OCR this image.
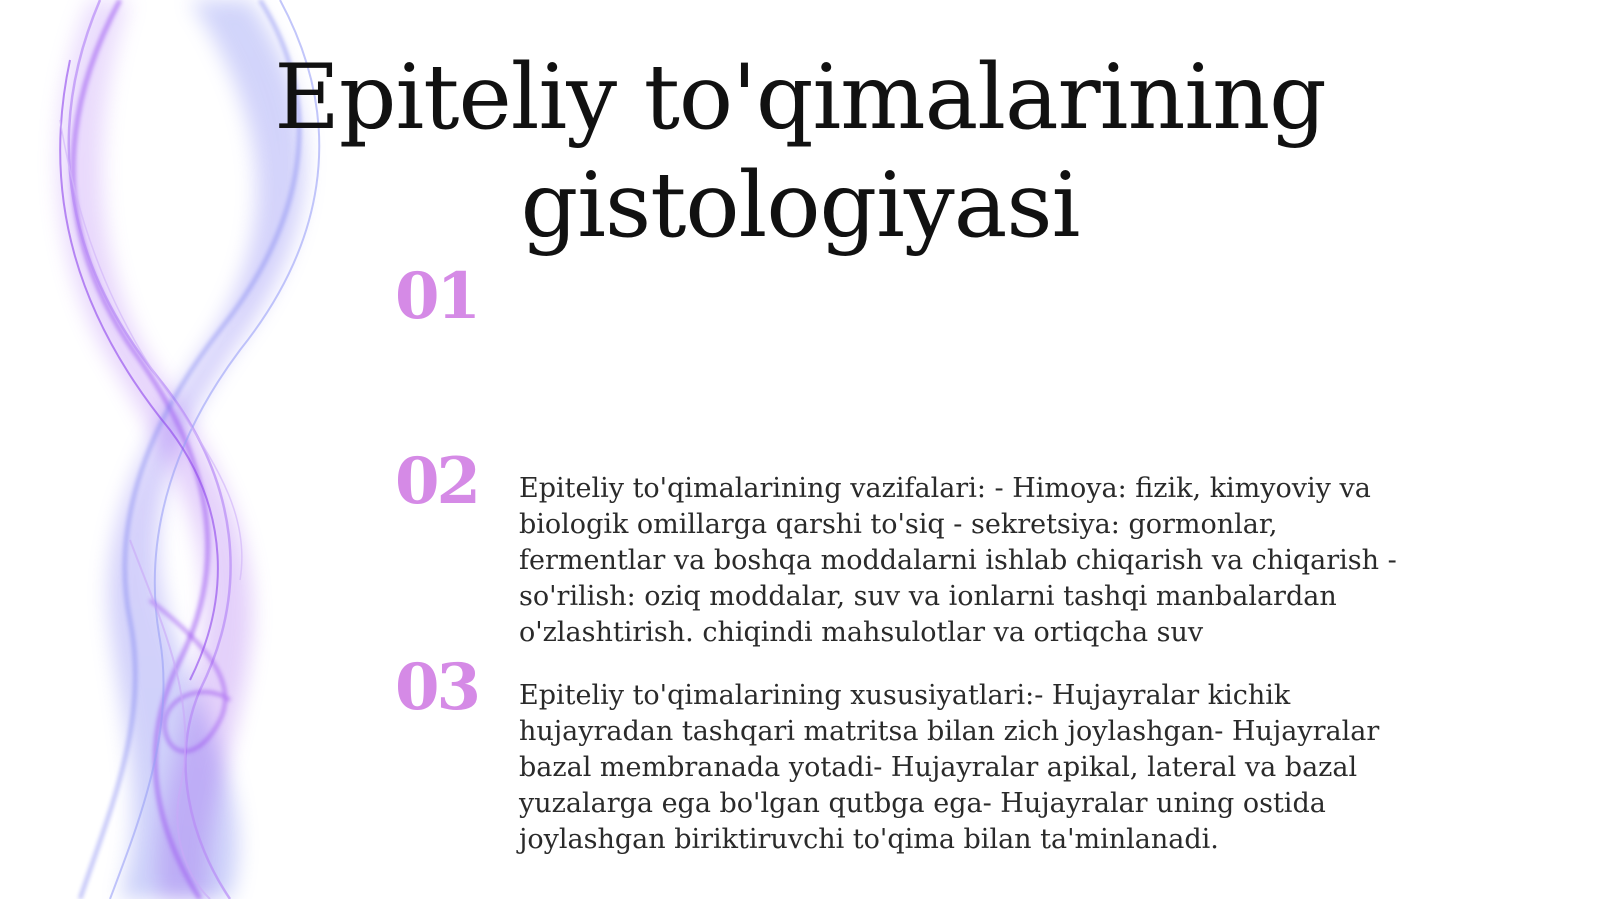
Epiteliy to'qimalarining gistologiyasi
01

02	Epiteliy to'qimalarining vazifalari: - Himoya: fizik, kimyoviy va biologik omillarga qarshi to'siq - sekretsiya: gormonlar, fermentlar va boshqa moddalarni ishlab chiqarish va chiqarish - so'rilish: oziq moddalar, suv va ionlarni tashqi manbalardan o'zlashtirish. chiqindi mahsulotlar va ortiqcha suv

03	Epiteliy to'qimalarining xususiyatlari:- Hujayralar kichik hujayradan tashqari matritsa bilan zich joylashgan- Hujayralar bazal membranada yotadi- Hujayralar apikal, lateral va bazal yuzalarga ega bo'lgan qutbga ega- Hujayralar uning ostida joylashgan biriktiruvchi to'qima bilan ta'minlanadi.
